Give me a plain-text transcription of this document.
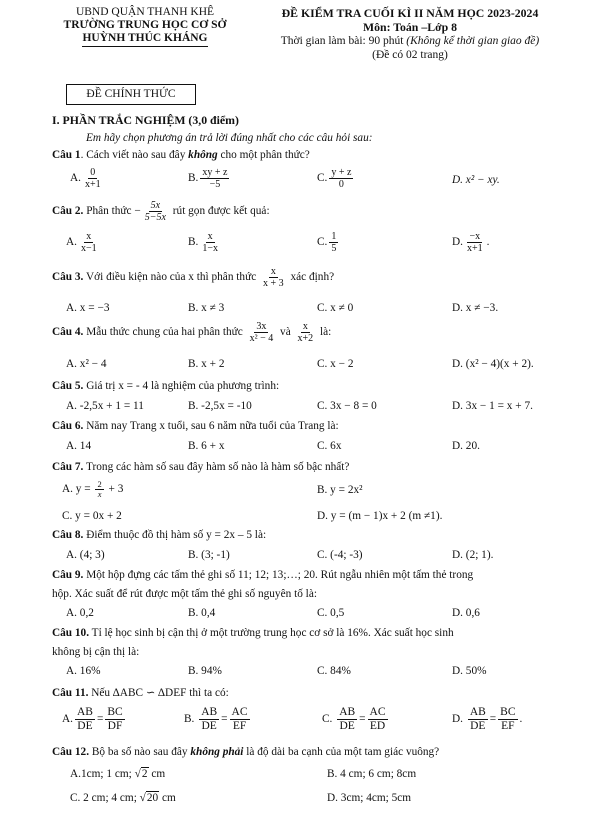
UBND QUẬN THANH KHÊ
TRƯỜNG TRUNG HỌC CƠ SỞ
HUỲNH THÚC KHÁNG
ĐỀ CHÍNH THỨC
ĐỀ KIỂM TRA CUỐI KÌ II NĂM HỌC 2023-2024
Môn: Toán –Lớp 8
Thời gian làm bài: 90 phút (Không kể thời gian giao đề)
(Đề có 02 trang)
I. PHẦN TRẮC NGHIỆM (3,0 điểm)
Em hãy chọn phương án trả lời đúng nhất cho các câu hỏi sau:
Câu 1. Cách viết nào sau đây không cho một phân thức?
A. $\frac{0}{x+1}$	B. $\frac{xy + z}{-5}$	C. $\frac{y + z}{0}$	D. x² − xy.
Câu 2. Phân thức − $\frac{5x}{5-5x}$ rút gọn được kết quả:
A. $\frac{x}{x-1}$	B. $\frac{x}{1-x}$	C. $\frac{1}{5}$	D. $\frac{-x}{x+1}$ .
Câu 3. Với điều kiện nào của x thì phân thức $\frac{x}{x + 3}$ xác định?
A. x = −3	B. x ≠ 3	C. x ≠ 0	D. x ≠ −3.
Câu 4. Mẫu thức chung của hai phân thức $\frac{3x}{\text{x² − 4}}$ và $\frac{x}{x+2}$ là:
A. x² − 4	B. x + 2	C. x − 2	D. (x² − 4)(x + 2).
Câu 5. Giá trị x = - 4 là nghiệm của phương trình:
A. -2,5x + 1 = 11	B. -2,5x = -10	C. 3x − 8 = 0	D. 3x − 1 = x + 7.
Câu 6. Năm nay Trang x tuổi, sau 6 năm nữa tuổi của Trang là:
A. 14	B. 6 + x	C. 6x	D. 20.
Câu 7. Trong các hàm số sau đây hàm số nào là hàm số bậc nhất?
A. $y = \frac{2}{x} + 3$	B. y = 2x²
C. y = 0x + 2	D. y = (m − 1)x + 2 (m ≠1).
Câu 8. Điểm thuộc đồ thị hàm số y = 2x – 5 là:
A. (4; 3)	B. (3; -1)	C. (-4; -3)	D. (2; 1).
Câu 9. Một hộp đựng các tấm thẻ ghi số 11; 12; 13;…; 20. Rút ngẫu nhiên một tấm thẻ trong
hộp. Xác suất để rút được một tấm thẻ ghi số nguyên tố là:
A. 0,2	B. 0,4	C. 0,5	D. 0,6
Câu 10. Tỉ lệ học sinh bị cận thị ở một trường trung học cơ sở là 16%. Xác suất học sinh
không bị cận thị là:
A. 16%	B. 94%	C. 84%	D. 50%
Câu 11. Nếu ∆ABC ∽ ∆DEF thì ta có:
A. $\frac{AB}{DE} = \frac{BC}{DF}$	B. $\frac{AB}{DE} = \frac{AC}{EF}$	C. $\frac{AB}{DE} = \frac{AC}{ED}$	D. $\frac{AB}{DE} = \frac{BC}{EF}$ .
Câu 12. Bộ ba số nào sau đây không phải là độ dài ba cạnh của một tam giác vuông?
A.1cm; 1 cm; √2 cm	B. 4 cm; 6 cm; 8cm
C. 2 cm; 4 cm; √20 cm	D. 3cm; 4cm; 5cm
